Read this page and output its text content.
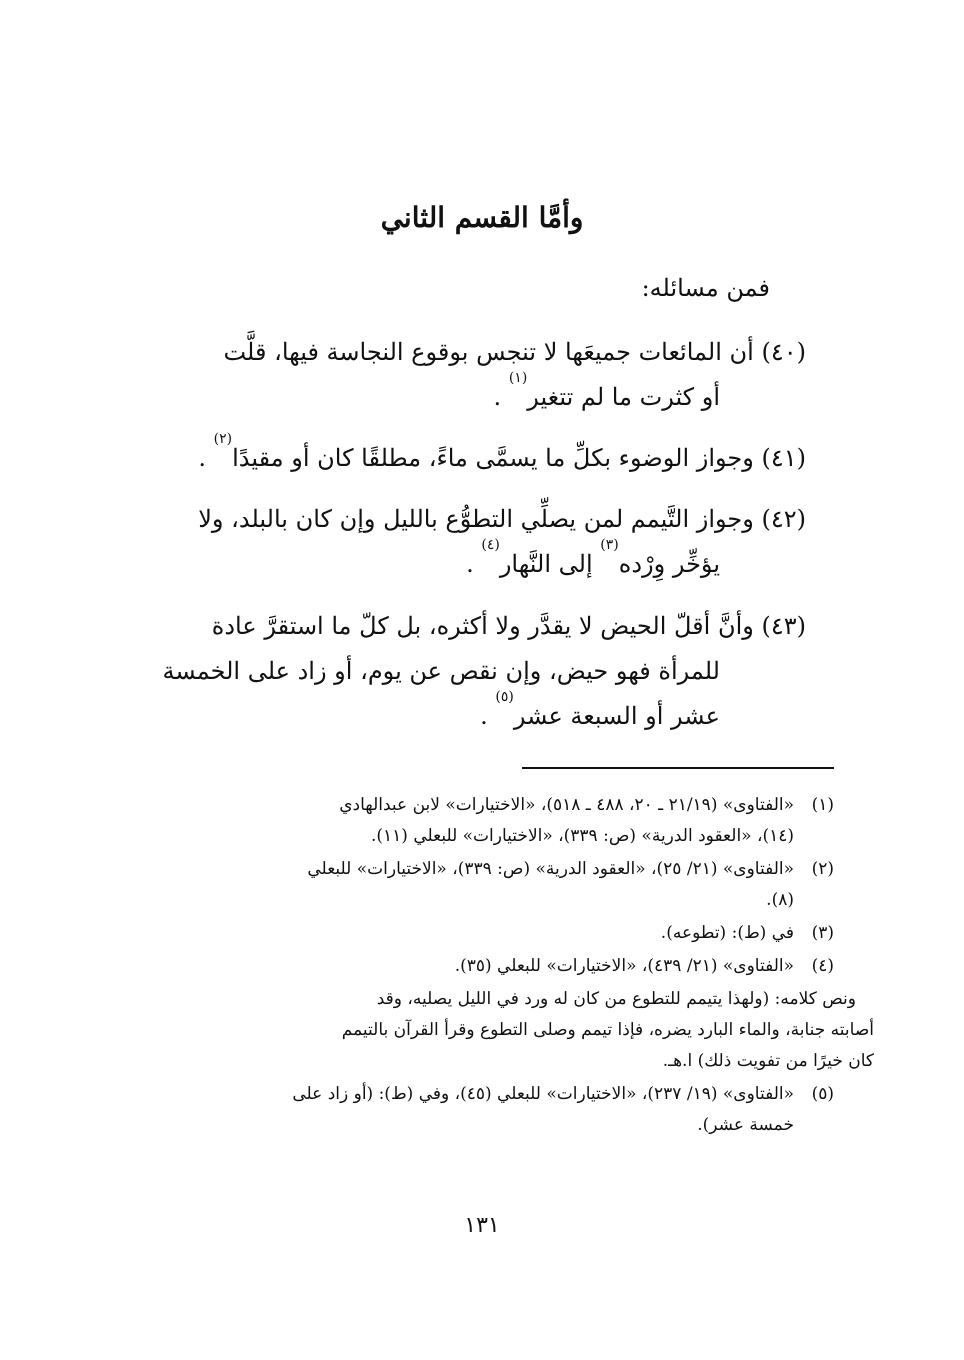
وأمَّا القسم الثاني
فمن مسائله:
(٤٠) أن المائعات جميعَها لا تنجس بوقوع النجاسة فيها، قلَّت
أو كثرت ما لم تتغير$^{(١)}$ .
(٤١) وجواز الوضوء بكلِّ ما يسمَّى ماءً، مطلقًا كان أو مقيدًا$^{(٢)}$ .
(٤٢) وجواز التَّيمم لمن يصلِّي التطوُّع بالليل وإن كان بالبلد، ولا
يؤخِّر وِرْده$^{(٣)}$ إلى النَّهار$^{(٤)}$ .
(٤٣) وأنَّ أقلّ الحيض لا يقدَّر ولا أكثره، بل كلّ ما استقرَّ عادة
للمرأة فهو حيض، وإن نقص عن يوم، أو زاد على الخمسة
عشر أو السبعة عشر$^{(٥)}$ .
(١)
«الفتاوى» (٢١/١٩ ـ ٢٠، ٤٨٨ ـ ٥١٨)، «الاختيارات» لابن عبدالهادي
(١٤)، «العقود الدرية» (ص: ٣٣٩)، «الاختيارات» للبعلي (١١).
(٢)
«الفتاوى» (٢١/ ٢٥)، «العقود الدرية» (ص: ٣٣٩)، «الاختيارات» للبعلي
(٨).
(٣)
في (ط): (تطوعه).
(٤)
«الفتاوى» (٢١/ ٤٣٩)، «الاختيارات» للبعلي (٣٥).
ونص كلامه: (ولهذا يتيمم للتطوع من كان له ورد في الليل يصليه، وقد
أصابته جنابة، والماء البارد يضره، فإذا تيمم وصلى التطوع وقرأ القرآن بالتيمم
كان خيرًا من تفويت ذلك) ا.هـ.
(٥)
«الفتاوى» (١٩/ ٢٣٧)، «الاختيارات» للبعلي (٤٥)، وفي (ط): (أو زاد على
خمسة عشر).
١٣١
